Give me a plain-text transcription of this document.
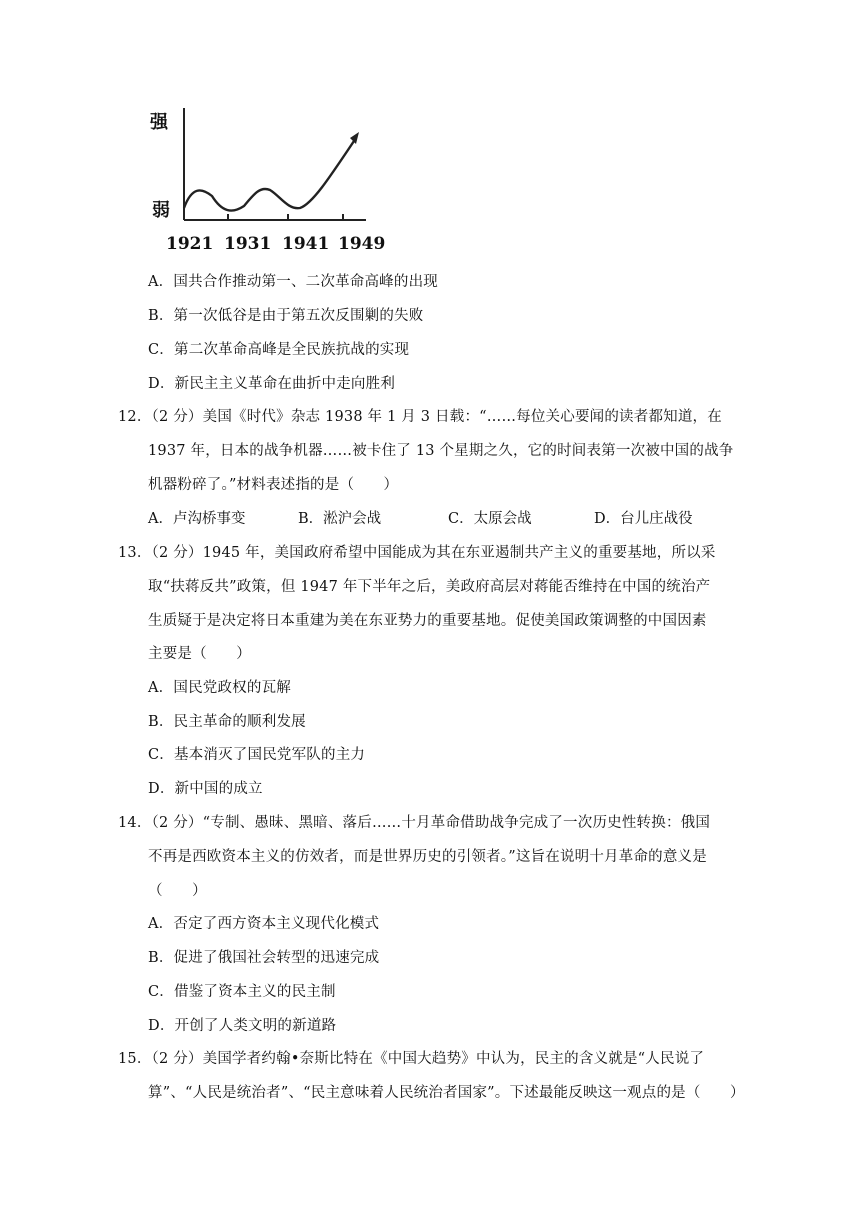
强
弱
1921 1931 1941 1949
A．国共合作推动第一、二次革命高峰的出现
B．第一次低谷是由于第五次反围剿的失败
C．第二次革命高峰是全民族抗战的实现
D．新民主主义革命在曲折中走向胜利
12．（2 分）美国《时代》杂志 1938 年 1 月 3 日载：“……每位关心要闻的读者都知道，在
1937 年，日本的战争机器……被卡住了 13 个星期之久，它的时间表第一次被中国的战争
机器粉碎了。”材料表述指的是（　　）
A．卢沟桥事变	B．淞沪会战	C．太原会战	D．台儿庄战役
13．（2 分）1945 年，美国政府希望中国能成为其在东亚遏制共产主义的重要基地，所以采
取“扶蒋反共”政策，但 1947 年下半年之后，美政府高层对蒋能否维持在中国的统治产
生质疑于是决定将日本重建为美在东亚势力的重要基地。促使美国政策调整的中国因素
主要是（　　）
A．国民党政权的瓦解
B．民主革命的顺利发展
C．基本消灭了国民党军队的主力
D．新中国的成立
14．（2 分）“专制、愚昧、黑暗、落后……十月革命借助战争完成了一次历史性转换：俄国
不再是西欧资本主义的仿效者，而是世界历史的引领者。”这旨在说明十月革命的意义是
（　　）
A．否定了西方资本主义现代化模式
B．促进了俄国社会转型的迅速完成
C．借鉴了资本主义的民主制
D．开创了人类文明的新道路
15．（2 分）美国学者约翰•奈斯比特在《中国大趋势》中认为，民主的含义就是“人民说了
算”、“人民是统治者”、“民主意味着人民统治者国家”。下述最能反映这一观点的是（　　）
